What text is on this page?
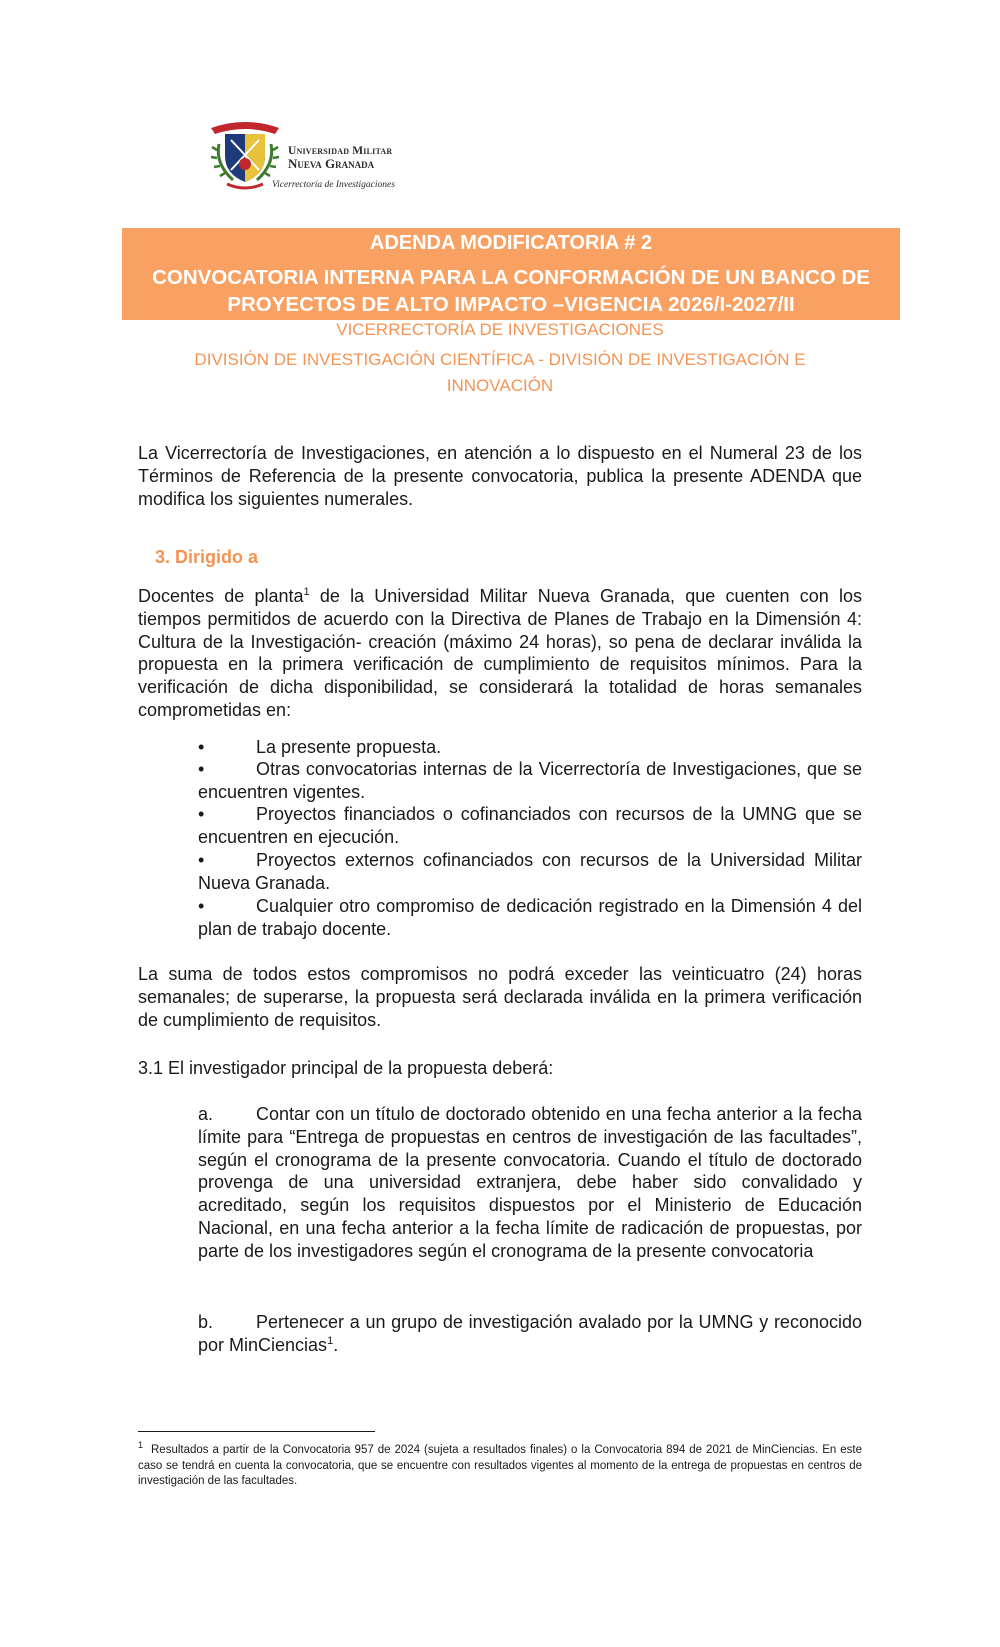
Universidad Militar
Nueva Granada
Vicerrectoría de Investigaciones
ADENDA MODIFICATORIA # 2
CONVOCATORIA INTERNA PARA LA CONFORMACIÓN DE UN BANCO DE
PROYECTOS DE ALTO IMPACTO –VIGENCIA 2026/I-2027/II
VICERRECTORÍA DE INVESTIGACIONES
DIVISIÓN DE INVESTIGACIÓN CIENTÍFICA - DIVISIÓN DE INVESTIGACIÓN E
INNOVACIÓN
La Vicerrectoría de Investigaciones, en atención a lo dispuesto en el Numeral 23 de los Términos de Referencia de la presente convocatoria, publica la presente ADENDA que modifica los siguientes numerales.
3. Dirigido a
Docentes de planta$^1$ de la Universidad Militar Nueva Granada, que cuenten con los tiempos permitidos de acuerdo con la Directiva de Planes de Trabajo en la Dimensión 4: Cultura de la Investigación- creación (máximo 24 horas), so pena de declarar inválida la propuesta en la primera verificación de cumplimiento de requisitos mínimos. Para la verificación de dicha disponibilidad, se considerará la totalidad de horas semanales comprometidas en:
•	La presente propuesta.
•	Otras convocatorias internas de la Vicerrectoría de Investigaciones, que se encuentren vigentes.
•	Proyectos financiados o cofinanciados con recursos de la UMNG que se encuentren en ejecución.
•	Proyectos externos cofinanciados con recursos de la Universidad Militar Nueva Granada.
•	Cualquier otro compromiso de dedicación registrado en la Dimensión 4 del plan de trabajo docente.
La suma de todos estos compromisos no podrá exceder las veinticuatro (24) horas semanales; de superarse, la propuesta será declarada inválida en la primera verificación de cumplimiento de requisitos.
3.1 El investigador principal de la propuesta deberá:
a. Contar con un título de doctorado obtenido en una fecha anterior a la fecha límite para “Entrega de propuestas en centros de investigación de las facultades”, según el cronograma de la presente convocatoria. Cuando el título de doctorado provenga de una universidad extranjera, debe haber sido convalidado y acreditado, según los requisitos dispuestos por el Ministerio de Educación Nacional, en una fecha anterior a la fecha límite de radicación de propuestas, por parte de los investigadores según el cronograma de la presente convocatoria
b. Pertenecer a un grupo de investigación avalado por la UMNG y reconocido por MinCiencias$^1$.
$^1$ Resultados a partir de la Convocatoria 957 de 2024 (sujeta a resultados finales) o la Convocatoria 894 de 2021 de MinCiencias. En este caso se tendrá en cuenta la convocatoria, que se encuentre con resultados vigentes al momento de la entrega de propuestas en centros de investigación de las facultades.
